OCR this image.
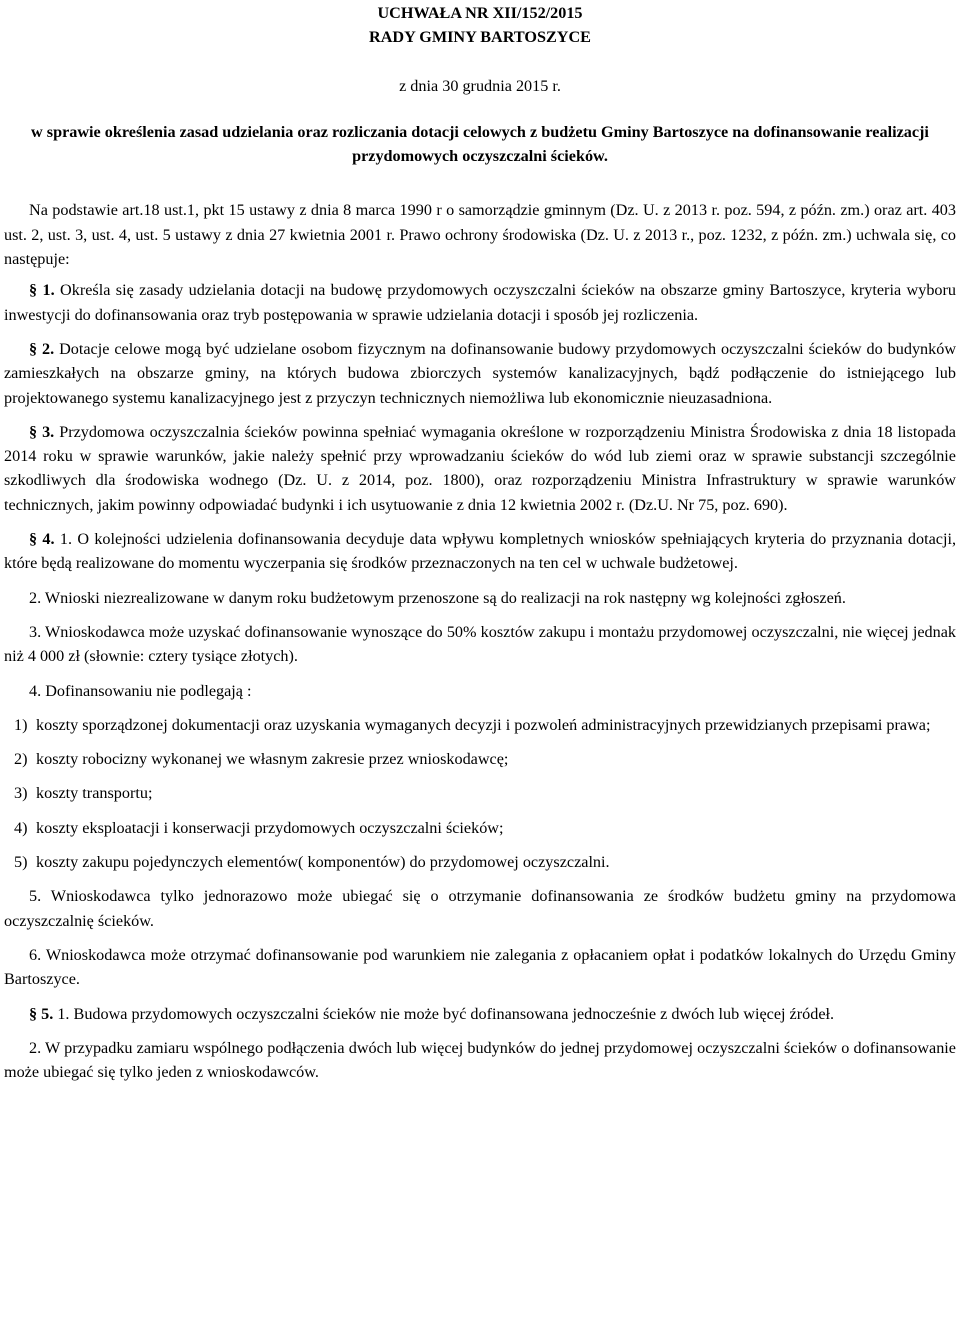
UCHWAŁA NR XII/152/2015
RADY GMINY BARTOSZYCE
z dnia 30 grudnia 2015 r.
w sprawie określenia zasad udzielania oraz rozliczania dotacji celowych z budżetu Gminy Bartoszyce na dofinansowanie realizacji przydomowych oczyszczalni ścieków.

Na podstawie art.18 ust.1, pkt 15 ustawy z dnia 8 marca 1990 r o samorządzie gminnym (Dz. U. z 2013 r. poz. 594, z późn. zm.) oraz art. 403 ust. 2, ust. 3, ust. 4, ust. 5 ustawy z dnia 27 kwietnia 2001 r. Prawo ochrony środowiska (Dz. U. z 2013 r., poz. 1232, z późn. zm.) uchwala się, co następuje:

§ 1. Określa się zasady udzielania dotacji na budowę przydomowych oczyszczalni ścieków na obszarze gminy Bartoszyce, kryteria wyboru inwestycji do dofinansowania oraz tryb postępowania w sprawie udzielania dotacji i sposób jej rozliczenia.

§ 2. Dotacje celowe mogą być udzielane osobom fizycznym na dofinansowanie budowy przydomowych oczyszczalni ścieków do budynków zamieszkałych na obszarze gminy, na których budowa zbiorczych systemów kanalizacyjnych, bądź podłączenie do istniejącego lub projektowanego systemu kanalizacyjnego jest z przyczyn technicznych niemożliwa lub ekonomicznie nieuzasadniona.

§ 3. Przydomowa oczyszczalnia ścieków powinna spełniać wymagania określone w rozporządzeniu Ministra Środowiska z dnia 18 listopada 2014 roku w sprawie warunków, jakie należy spełnić przy wprowadzaniu ścieków do wód lub ziemi oraz w sprawie substancji szczególnie szkodliwych dla środowiska wodnego (Dz. U. z 2014, poz. 1800), oraz rozporządzeniu Ministra Infrastruktury w sprawie warunków technicznych, jakim powinny odpowiadać budynki i ich usytuowanie z dnia 12 kwietnia 2002 r. (Dz.U. Nr 75, poz. 690).

§ 4. 1. O kolejności udzielenia dofinansowania decyduje data wpływu kompletnych wniosków spełniających kryteria do przyznania dotacji, które będą realizowane do momentu wyczerpania się środków przeznaczonych na ten cel w uchwale budżetowej.

2. Wnioski niezrealizowane w danym roku budżetowym przenoszone są do realizacji na rok następny wg kolejności zgłoszeń.

3. Wnioskodawca może uzyskać dofinansowanie wynoszące do 50% kosztów zakupu i montażu przydomowej oczyszczalni, nie więcej jednak niż 4 000 zł (słownie: cztery tysiące złotych).

4. Dofinansowaniu nie podlegają :

1) koszty sporządzonej dokumentacji oraz uzyskania wymaganych decyzji i pozwoleń administracyjnych przewidzianych przepisami prawa;

2) koszty robocizny wykonanej we własnym zakresie przez wnioskodawcę;

3) koszty transportu;

4) koszty eksploatacji i konserwacji przydomowych oczyszczalni ścieków;

5) koszty zakupu pojedynczych elementów( komponentów) do przydomowej oczyszczalni.

5. Wnioskodawca tylko jednorazowo może ubiegać się o otrzymanie dofinansowania ze środków budżetu gminy na przydomowa oczyszczalnię ścieków.

6. Wnioskodawca może otrzymać dofinansowanie pod warunkiem nie zalegania z opłacaniem opłat i podatków lokalnych do Urzędu Gminy Bartoszyce.

§ 5. 1. Budowa przydomowych oczyszczalni ścieków nie może być dofinansowana jednocześnie z dwóch lub więcej źródeł.

2. W przypadku zamiaru wspólnego podłączenia dwóch lub więcej budynków do jednej przydomowej oczyszczalni ścieków o dofinansowanie może ubiegać się tylko jeden z wnioskodawców.
